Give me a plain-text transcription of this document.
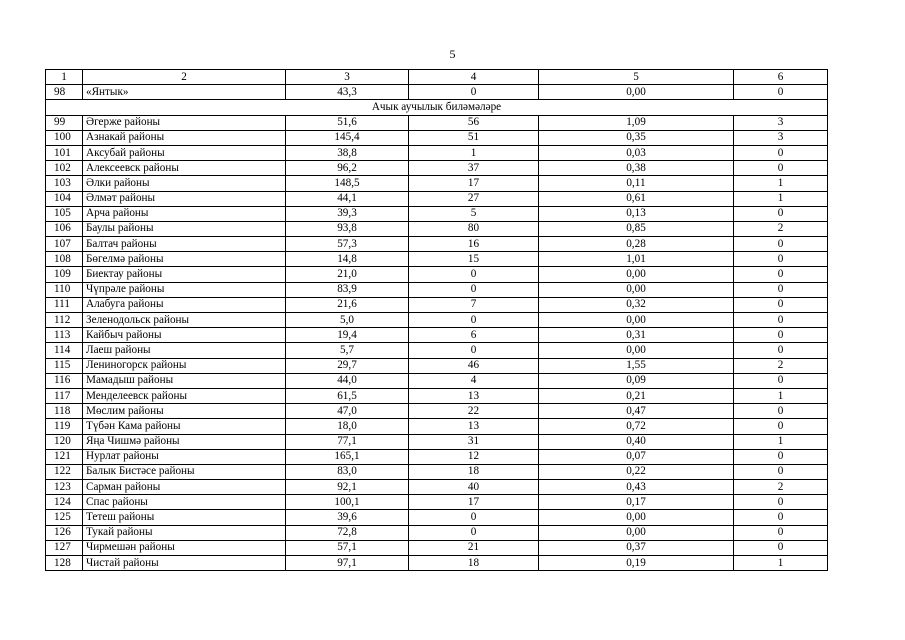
5
1	2	3	4	5	6
98	«Янтык»	43,3	0	0,00	0
Ачык аучылык биләмәләре					
99	Әгерже районы	51,6	56	1,09	3
100	Азнакай районы	145,4	51	0,35	3
101	Аксубай районы	38,8	1	0,03	0
102	Алексеевск районы	96,2	37	0,38	0
103	Әлки районы	148,5	17	0,11	1
104	Әлмәт районы	44,1	27	0,61	1
105	Арча районы	39,3	5	0,13	0
106	Баулы районы	93,8	80	0,85	2
107	Балтач районы	57,3	16	0,28	0
108	Бөгелмә районы	14,8	15	1,01	0
109	Биектау районы	21,0	0	0,00	0
110	Чүпрәле районы	83,9	0	0,00	0
111	Алабуга районы	21,6	7	0,32	0
112	Зеленодольск районы	5,0	0	0,00	0
113	Кайбыч районы	19,4	6	0,31	0
114	Лаеш районы	5,7	0	0,00	0
115	Лениногорск районы	29,7	46	1,55	2
116	Мамадыш районы	44,0	4	0,09	0
117	Менделеевск районы	61,5	13	0,21	1
118	Мөслим районы	47,0	22	0,47	0
119	Түбән Кама районы	18,0	13	0,72	0
120	Яңа Чишмә районы	77,1	31	0,40	1
121	Нурлат районы	165,1	12	0,07	0
122	Балык Бистәсе районы	83,0	18	0,22	0
123	Сарман районы	92,1	40	0,43	2
124	Спас районы	100,1	17	0,17	0
125	Тетеш районы	39,6	0	0,00	0
126	Тукай районы	72,8	0	0,00	0
127	Чирмешән районы	57,1	21	0,37	0
128	Чистай районы	97,1	18	0,19	1
